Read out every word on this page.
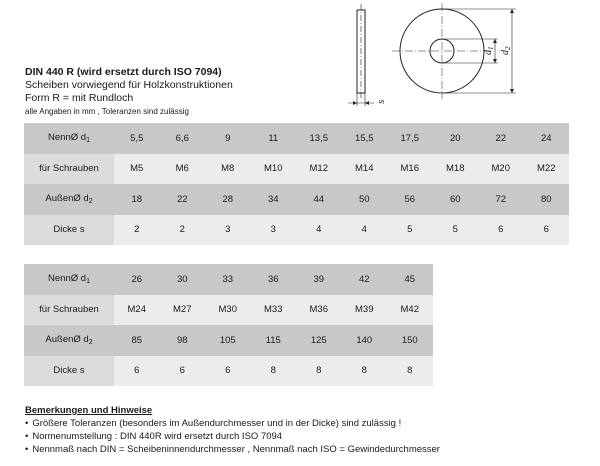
s
$d_1$
$d_2$
DIN 440 R (wird ersetzt durch ISO 7094)
Scheiben vorwiegend für Holzkonstruktionen
Form R = mit Rundloch
alle Angaben in mm , Toleranzen sind zulässig
NennØ $d_1$	5,5	6,6	9	11	13,5	15,5	17,5	20	22	24
für Schrauben	M5	M6	M8	M10	M12	M14	M16	M18	M20	M22
AußenØ $d_2$	18	22	28	34	44	50	56	60	72	80
Dicke s	2	2	3	3	4	4	5	5	6	6
NennØ $d_1$	26	30	33	36	39	42	45
für Schrauben	M24	M27	M30	M33	M36	M39	M42
AußenØ $d_2$	85	98	105	115	125	140	150
Dicke s	6	6	6	8	8	8	8
Bemerkungen und Hinweise
• Größere Toleranzen (besonders im Außendurchmesser und in der Dicke) sind zulässig !
• Normenumstellung : DIN 440R wird ersetzt durch ISO 7094
• Nennmaß nach DIN = Scheibeninnendurchmesser , Nennmaß nach ISO = Gewindedurchmesser
